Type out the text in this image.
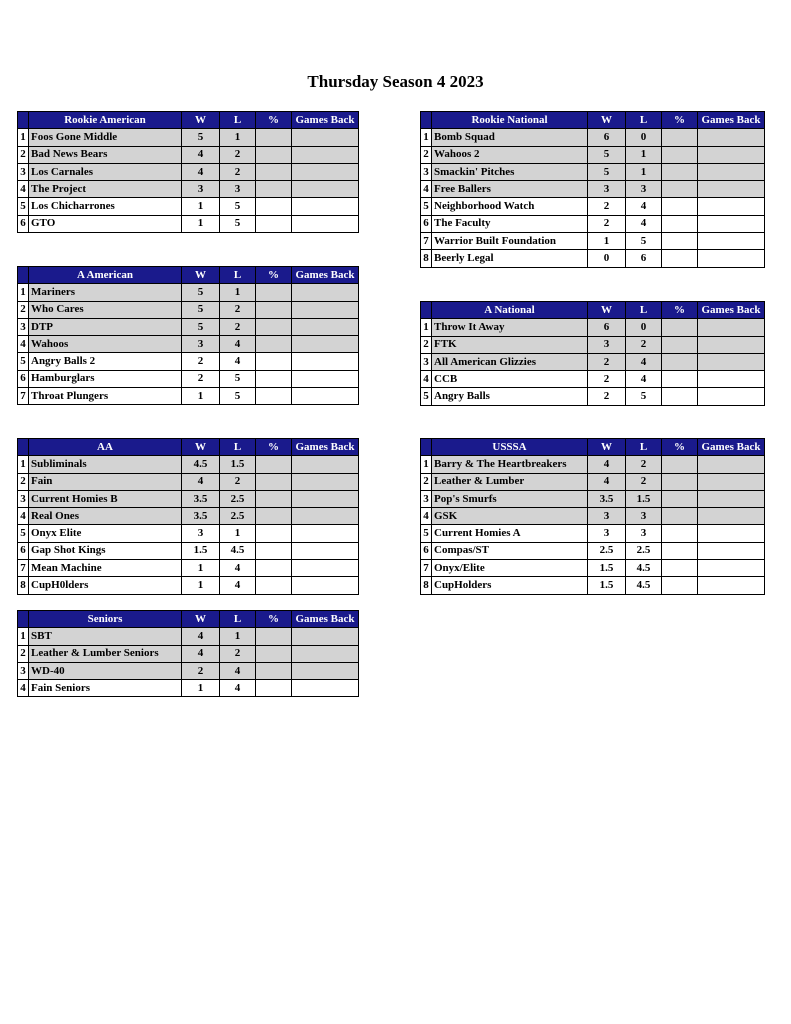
Thursday Season 4 2023
	Rookie American	W	L	%	Games Back
1	Foos Gone Middle	5	1		
2	Bad News Bears	4	2		
3	Los Carnales	4	2		
4	The Project	3	3		
5	Los Chicharrones	1	5		
6	GTO	1	5		
	Rookie National	W	L	%	Games Back
1	Bomb Squad	6	0		
2	Wahoos 2	5	1		
3	Smackin' Pitches	5	1		
4	Free Ballers	3	3		
5	Neighborhood Watch	2	4		
6	The Faculty	2	4		
7	Warrior Built Foundation	1	5		
8	Beerly Legal	0	6		
	A American	W	L	%	Games Back
1	Mariners	5	1		
2	Who Cares	5	2		
3	DTP	5	2		
4	Wahoos	3	4		
5	Angry Balls 2	2	4		
6	Hamburglars	2	5		
7	Throat Plungers	1	5		
	A National	W	L	%	Games Back
1	Throw It Away	6	0		
2	FTK	3	2		
3	All American Glizzies	2	4		
4	CCB	2	4		
5	Angry Balls	2	5		
	AA	W	L	%	Games Back
1	Subliminals	4.5	1.5		
2	Fain	4	2		
3	Current Homies B	3.5	2.5		
4	Real Ones	3.5	2.5		
5	Onyx Elite	3	1		
6	Gap Shot Kings	1.5	4.5		
7	Mean Machine	1	4		
8	CupH0lders	1	4		
	USSSA	W	L	%	Games Back
1	Barry & The Heartbreakers	4	2		
2	Leather & Lumber	4	2		
3	Pop's Smurfs	3.5	1.5		
4	GSK	3	3		
5	Current Homies A	3	3		
6	Compas/ST	2.5	2.5		
7	Onyx/Elite	1.5	4.5		
8	CupHolders	1.5	4.5		
	Seniors	W	L	%	Games Back
1	SBT	4	1		
2	Leather & Lumber Seniors	4	2		
3	WD-40	2	4		
4	Fain Seniors	1	4		
